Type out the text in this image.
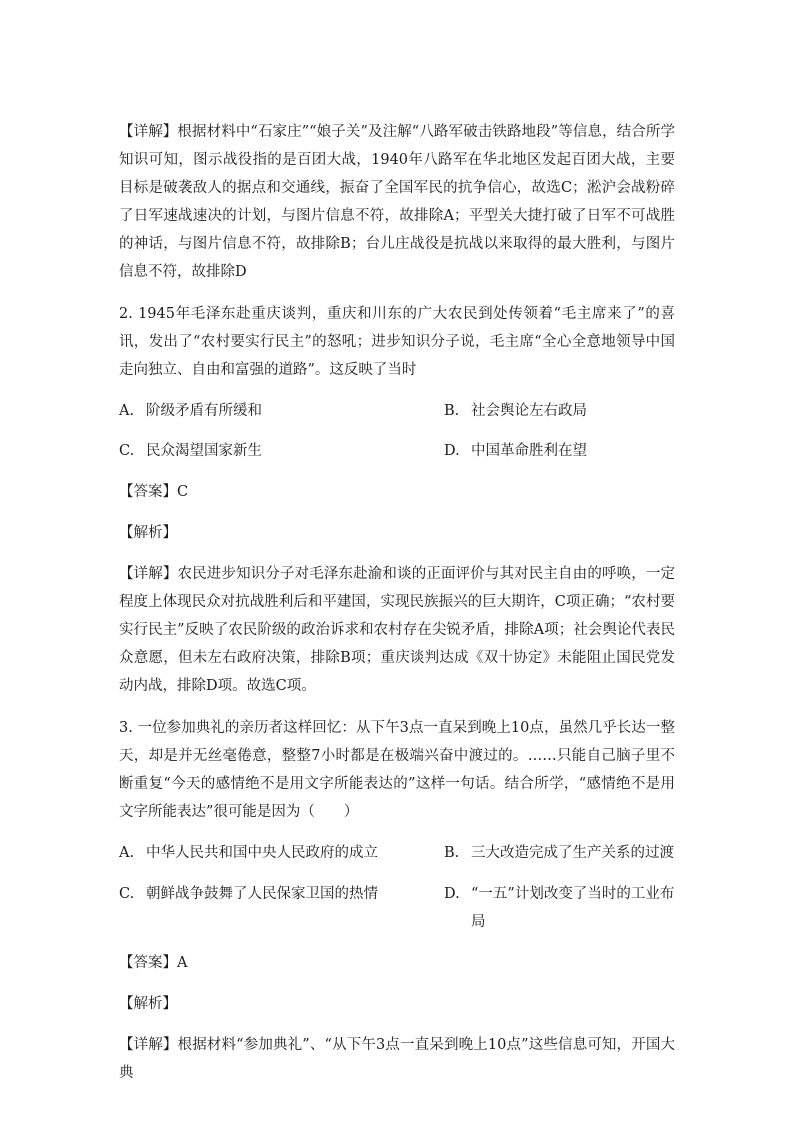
【详解】根据材料中“石家庄”“娘子关”及注解“八路军破击铁路地段”等信息，结合所学知识可知，图示战役指的是百团大战，1940年八路军在华北地区发起百团大战，主要目标是破袭敌人的据点和交通线，振奋了全国军民的抗争信心，故选C；淞沪会战粉碎了日军速战速决的计划，与图片信息不符，故排除A；平型关大捷打破了日军不可战胜的神话，与图片信息不符，故排除B；台儿庄战役是抗战以来取得的最大胜利，与图片信息不符，故排除D

2. 1945年毛泽东赴重庆谈判，重庆和川东的广大农民到处传领着“毛主席来了”的喜讯，发出了“农村要实行民主”的怒吼；进步知识分子说，毛主席“全心全意地领导中国走向独立、自由和富强的道路”。这反映了当时

A. 阶级矛盾有所缓和	B. 社会舆论左右政局
C. 民众渴望国家新生	D. 中国革命胜利在望

【答案】C

【解析】

【详解】农民进步知识分子对毛泽东赴渝和谈的正面评价与其对民主自由的呼唤，一定程度上体现民众对抗战胜利后和平建国，实现民族振兴的巨大期许，C项正确；“农村要实行民主”反映了农民阶级的政治诉求和农村存在尖锐矛盾，排除A项；社会舆论代表民众意愿，但未左右政府决策，排除B项；重庆谈判达成《双十协定》未能阻止国民党发动内战，排除D项。故选C项。

3. 一位参加典礼的亲历者这样回忆：从下午3点一直呆到晚上10点，虽然几乎长达一整天，却是并无丝毫倦意，整整7小时都是在极端兴奋中渡过的。……只能自己脑子里不断重复“今天的感情绝不是用文字所能表达的”这样一句话。结合所学，“感情绝不是用文字所能表达”很可能是因为（　　）

A. 中华人民共和国中央人民政府的成立	B. 三大改造完成了生产关系的过渡
C. 朝鲜战争鼓舞了人民保家卫国的热情	D. “一五”计划改变了当时的工业布局

【答案】A

【解析】

【详解】根据材料“参加典礼”、“从下午3点一直呆到晚上10点”这些信息可知，开国大典
